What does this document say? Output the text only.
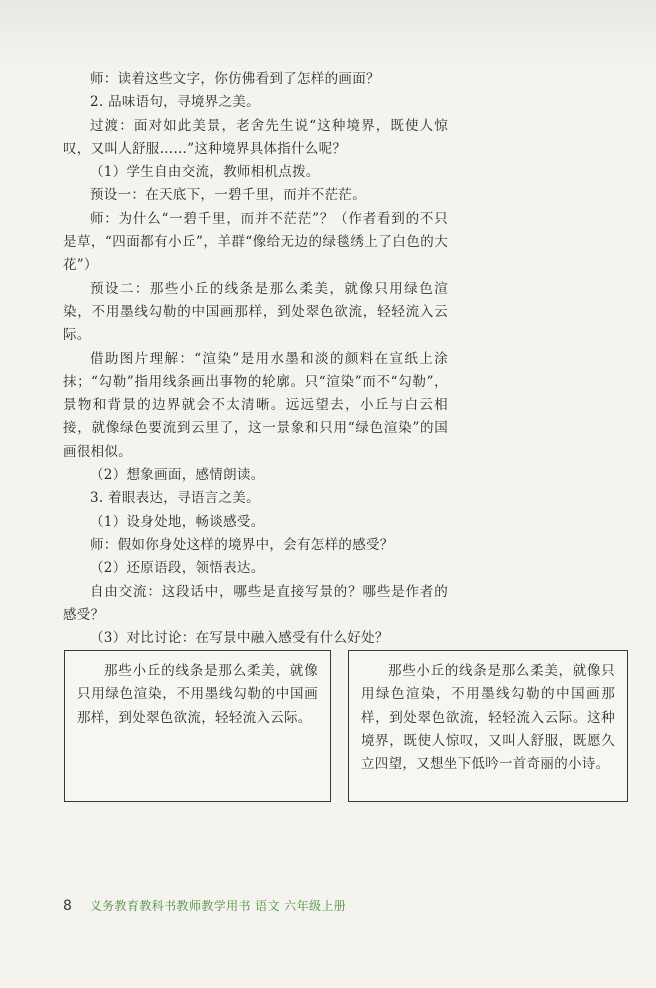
师：读着这些文字，你仿佛看到了怎样的画面？

2. 品味语句，寻境界之美。

过渡：面对如此美景，老舍先生说“这种境界，既使人惊叹，又叫人舒服……”这种境界具体指什么呢？

（1）学生自由交流，教师相机点拨。

预设一：在天底下，一碧千里，而并不茫茫。

师：为什么“一碧千里，而并不茫茫”？（作者看到的不只是草，“四面都有小丘”，羊群“像给无边的绿毯绣上了白色的大花”）

预设二：那些小丘的线条是那么柔美，就像只用绿色渲染，不用墨线勾勒的中国画那样，到处翠色欲流，轻轻流入云际。

借助图片理解：“渲染”是用水墨和淡的颜料在宣纸上涂抹；“勾勒”指用线条画出事物的轮廓。只“渲染”而不“勾勒”，景物和背景的边界就会不太清晰。远远望去，小丘与白云相接，就像绿色要流到云里了，这一景象和只用“绿色渲染”的国画很相似。

（2）想象画面，感情朗读。

3. 着眼表达，寻语言之美。

（1）设身处地，畅谈感受。

师：假如你身处这样的境界中，会有怎样的感受？

（2）还原语段，领悟表达。

自由交流：这段话中，哪些是直接写景的？哪些是作者的感受？

（3）对比讨论：在写景中融入感受有什么好处？

那些小丘的线条是那么柔美，就像只用绿色渲染，不用墨线勾勒的中国画那样，到处翠色欲流，轻轻流入云际。

那些小丘的线条是那么柔美，就像只用绿色渲染，不用墨线勾勒的中国画那样，到处翠色欲流，轻轻流入云际。这种境界，既使人惊叹，又叫人舒服，既愿久立四望，又想坐下低吟一首奇丽的小诗。

8 义务教育教科书教师教学用书 语文 六年级上册
